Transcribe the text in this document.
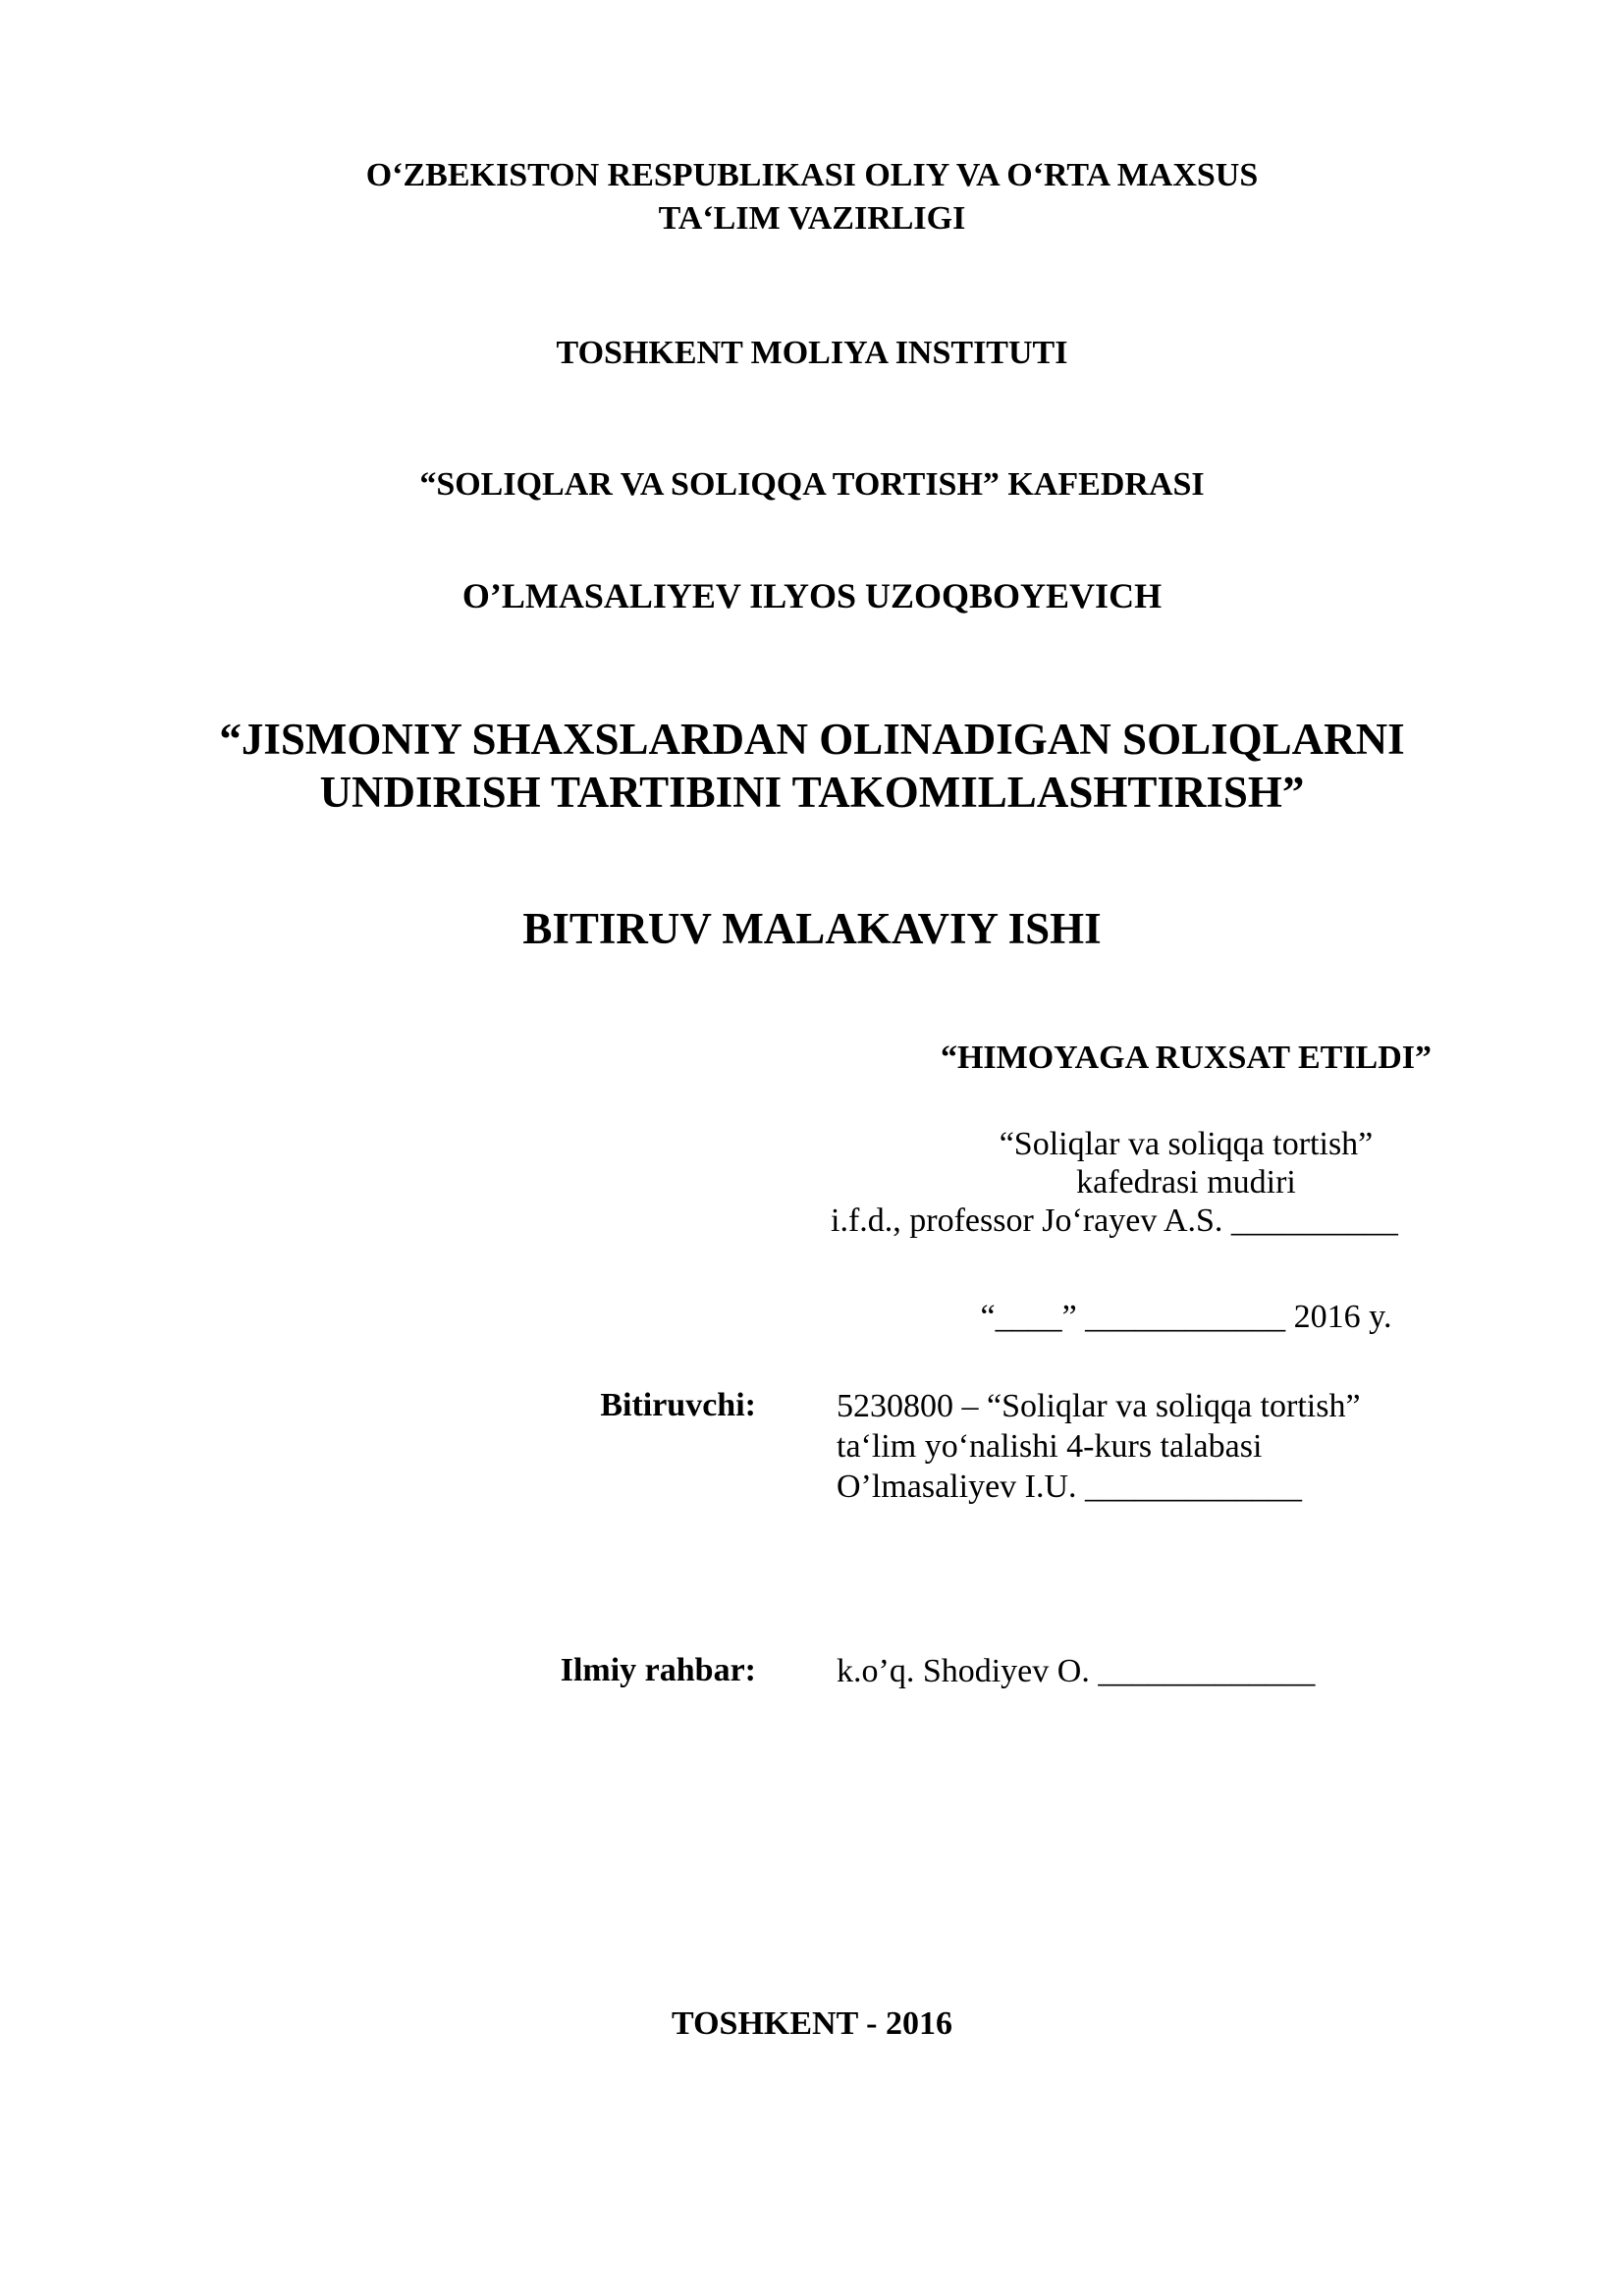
O‘ZBEKISTON RESPUBLIKASI OLIY VA O‘RTA MAXSUS
TA‘LIM VAZIRLIGI
TOSHKENT MOLIYA INSTITUTI
“SOLIQLAR VA SOLIQQA TORTISH” KAFEDRASI
O’LMASALIYEV ILYOS UZOQBOYEVICH
“JISMONIY SHAXSLARDAN OLINADIGAN SOLIQLARNI
UNDIRISH TARTIBINI TAKOMILLASHTIRISH”
BITIRUV MALAKAVIY ISHI
“HIMOYAGA RUXSAT ETILDI”
“Soliqlar va soliqqa tortish”
kafedrasi mudiri
i.f.d., professor Jo‘rayev A.S. __________
“____” ____________ 2016 y.
Bitiruvchi: 5230800 – “Soliqlar va soliqqa tortish”
ta‘lim yo‘nalishi 4-kurs talabasi
O’lmasaliyev I.U. _____________
Ilmiy rahbar: k.o’q. Shodiyev O. _____________
TOSHKENT - 2016
